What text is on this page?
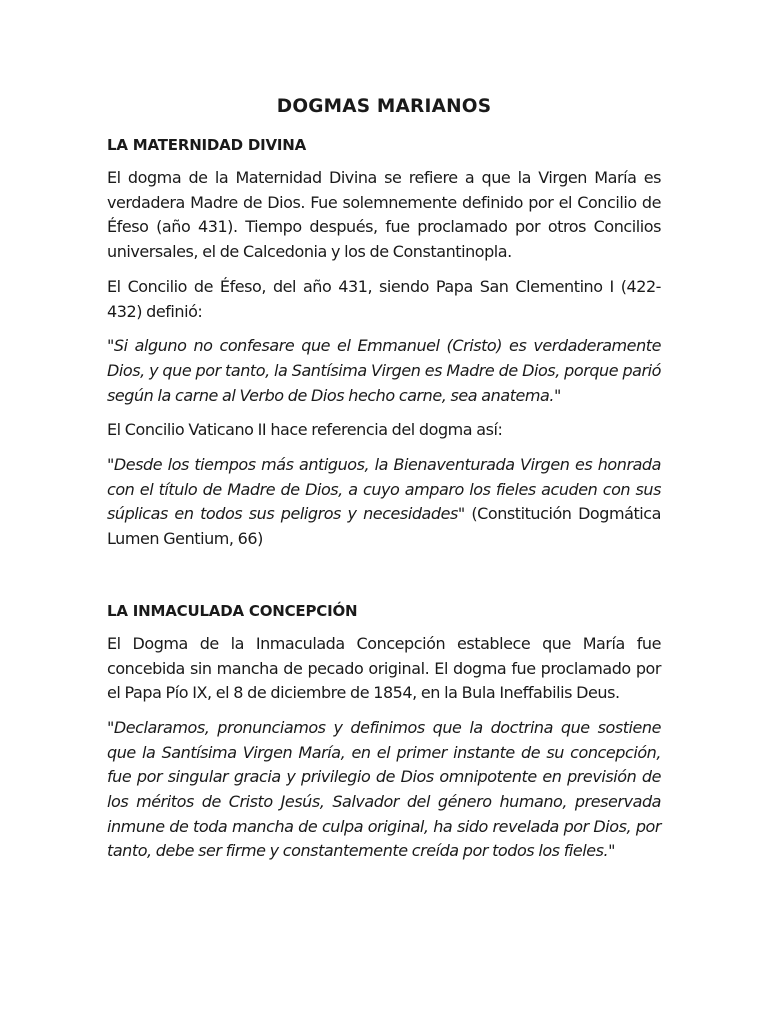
DOGMAS MARIANOS
LA MATERNIDAD DIVINA

El dogma de la Maternidad Divina se refiere a que la Virgen María es verdadera Madre de Dios. Fue solemnemente definido por el Concilio de Éfeso (año 431). Tiempo después, fue proclamado por otros Concilios universales, el de Calcedonia y los de Constantinopla.

El Concilio de Éfeso, del año 431, siendo Papa San Clementino I (422-432) definió:

"Si alguno no confesare que el Emmanuel (Cristo) es verdaderamente Dios, y que por tanto, la Santísima Virgen es Madre de Dios, porque parió según la carne al Verbo de Dios hecho carne, sea anatema."

El Concilio Vaticano II hace referencia del dogma así:

"Desde los tiempos más antiguos, la Bienaventurada Virgen es honrada con el título de Madre de Dios, a cuyo amparo los fieles acuden con sus súplicas en todos sus peligros y necesidades" (Constitución Dogmática Lumen Gentium, 66)

LA INMACULADA CONCEPCIÓN

El Dogma de la Inmaculada Concepción establece que María fue concebida sin mancha de pecado original. El dogma fue proclamado por el Papa Pío IX, el 8 de diciembre de 1854, en la Bula Ineffabilis Deus.

"Declaramos, pronunciamos y definimos que la doctrina que sostiene que la Santísima Virgen María, en el primer instante de su concepción, fue por singular gracia y privilegio de Dios omnipotente en previsión de los méritos de Cristo Jesús, Salvador del género humano, preservada inmune de toda mancha de culpa original, ha sido revelada por Dios, por tanto, debe ser firme y constantemente creída por todos los fieles."
